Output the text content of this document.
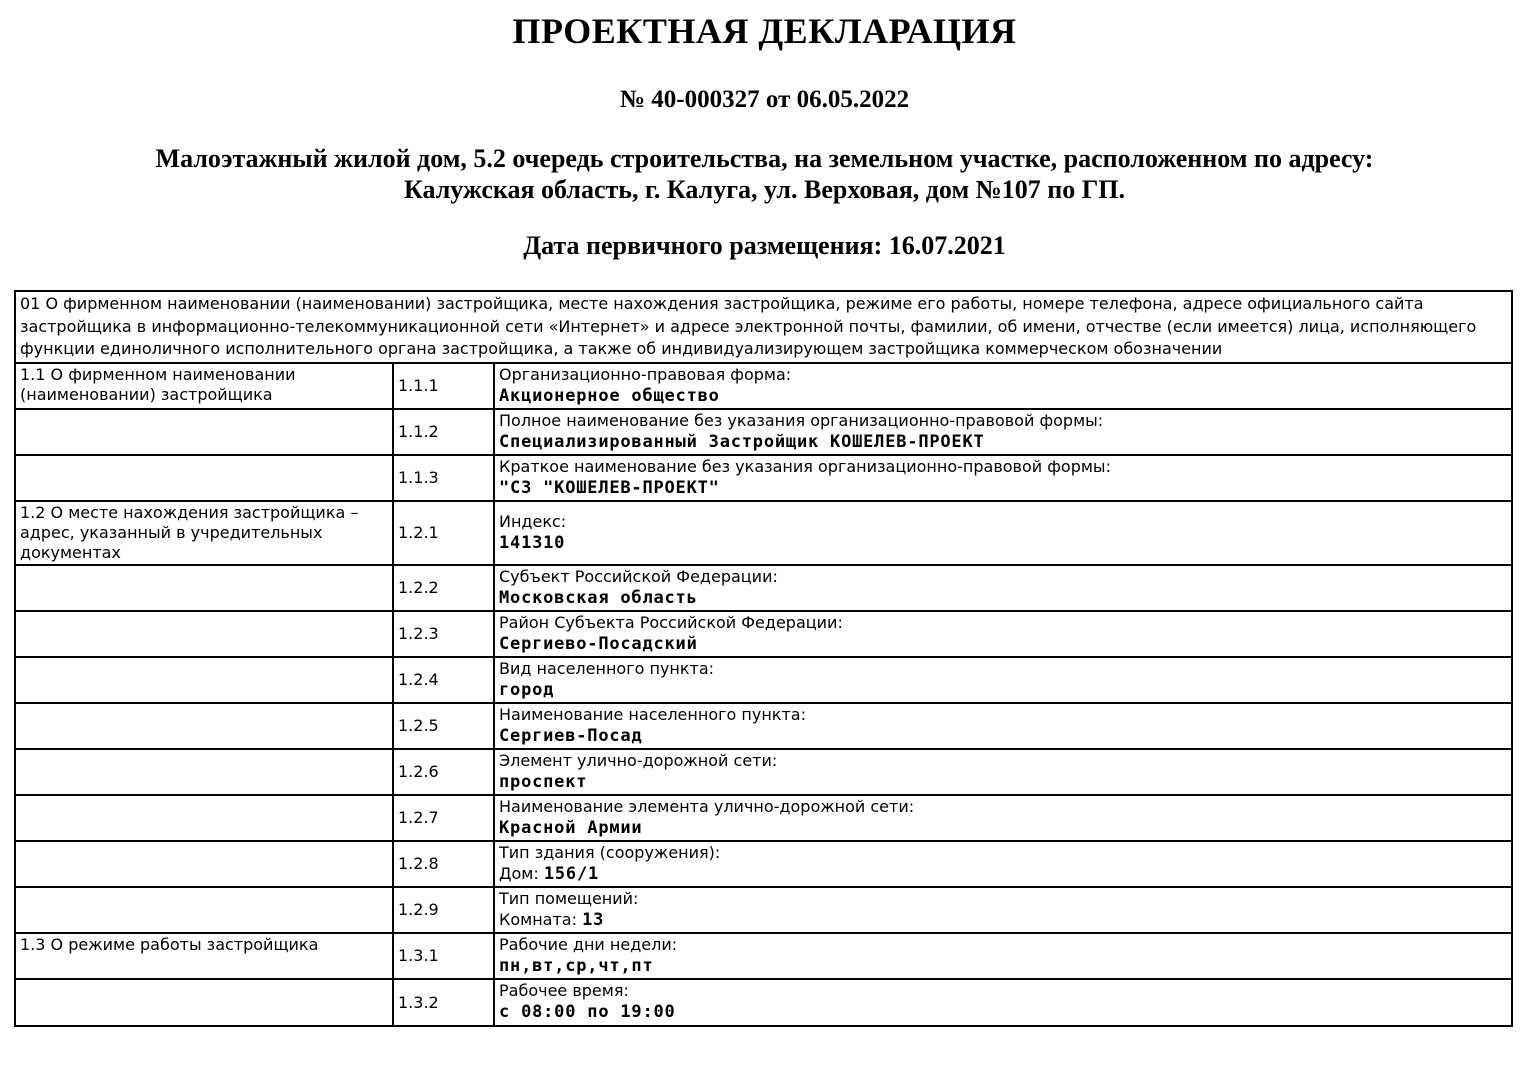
ПРОЕКТНАЯ ДЕКЛАРАЦИЯ
№ 40-000327 от 06.05.2022
Малоэтажный жилой дом, 5.2 очередь строительства, на земельном участке, расположенном по адресу:
Калужская область, г. Калуга, ул. Верховая, дом №107 по ГП.
Дата первичного размещения: 16.07.2021
01 О фирменном наименовании (наименовании) застройщика, месте нахождения застройщика, режиме его работы, номере телефона, адресе официального сайта застройщика в информационно-телекоммуникационной сети «Интернет» и адресе электронной почты, фамилии, об имени, отчестве (если имеется) лица, исполняющего функции единоличного исполнительного органа застройщика, а также об индивидуализирующем застройщика коммерческом обозначении		
1.1 О фирменном наименовании (наименовании) застройщика	1.1.1	Организационно-правовая форма:
Акционерное общество

	1.1.2	Полное наименование без указания организационно-правовой формы:
Специализированный Застройщик КОШЕЛЕВ-ПРОЕКТ

	1.1.3	Краткое наименование без указания организационно-правовой формы:
"СЗ "КОШЕЛЕВ-ПРОЕКТ"

1.2 О месте нахождения застройщика – адрес, указанный в учредительных документах	1.2.1	Индекс:
141310

	1.2.2	Субъект Российской Федерации:
Московская область

	1.2.3	Район Субъекта Российской Федерации:
Сергиево-Посадский

	1.2.4	Вид населенного пункта:
город

	1.2.5	Наименование населенного пункта:
Сергиев-Посад

	1.2.6	Элемент улично-дорожной сети:
проспект

	1.2.7	Наименование элемента улично-дорожной сети:
Красной Армии

	1.2.8	Тип здания (сооружения):
Дом: 156/1

	1.2.9	Тип помещений:
Комната: 13

1.3 О режиме работы застройщика	1.3.1	Рабочие дни недели:
пн,вт,ср,чт,пт

	1.3.2	Рабочее время:
с 08:00 по 19:00
